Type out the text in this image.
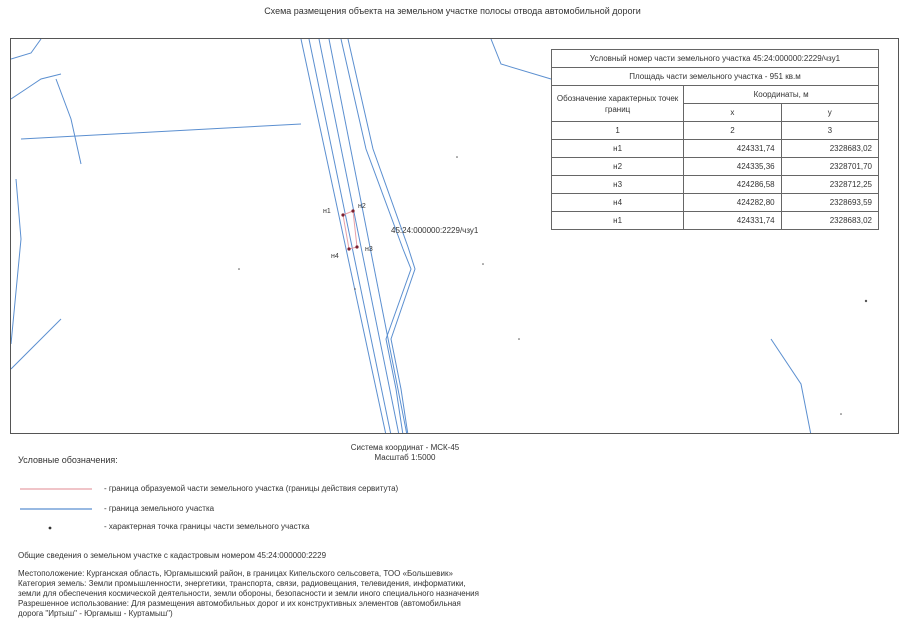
Схема размещения объекта на земельном участке полосы отвода автомобильной дороги
н1
н2
н3
н4
45:24:000000:2229/чзу1
Условный номер части земельного участка 45:24:000000:2229/чзу1		
Площадь части земельного участка - 951 кв.м		
Обозначение характерных точек границ	Координаты, м	
	x	y
1	2	3
н1	424331,74	2328683,02
н2	424335,36	2328701,70
н3	424286,58	2328712,25
н4	424282,80	2328693,59
н1	424331,74	2328683,02
Система координат - МСК-45
Масштаб 1:5000
Условные обозначения:
- граница образуемой части земельного участка (границы действия сервитута)
- граница земельного участка
- характерная точка границы части земельного участка
Общие сведения о земельном участке с кадастровым номером 45:24:000000:2229
Местоположение: Курганская область, Юргамышский район, в границах Кипельского сельсовета, ТОО «Большевик»
Категория земель: Земли промышленности, энергетики, транспорта, связи, радиовещания, телевидения, информатики,
земли для обеспечения космической деятельности, земли обороны, безопасности и земли иного специального назначения
Разрешенное использование: Для размещения автомобильных дорог и их конструктивных элементов (автомобильная
дорога "Иртыш" - Юргамыш - Куртамыш")
